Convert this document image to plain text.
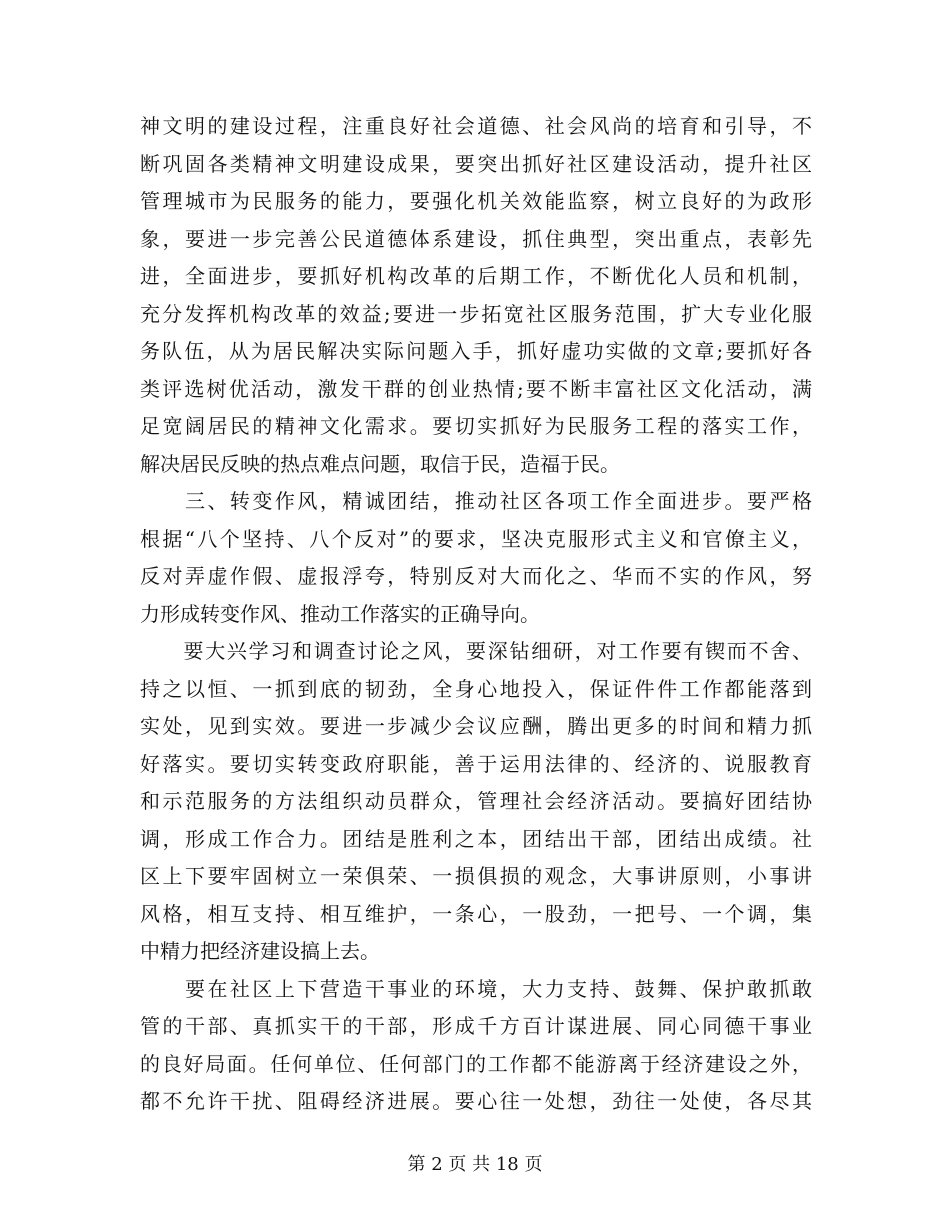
神文明的建设过程，注重良好社会道德、社会风尚的培育和引导，不
断巩固各类精神文明建设成果，要突出抓好社区建设活动，提升社区
管理城市为民服务的能力，要强化机关效能监察，树立良好的为政形
象，要进一步完善公民道德体系建设，抓住典型，突出重点，表彰先
进，全面进步，要抓好机构改革的后期工作，不断优化人员和机制，
充分发挥机构改革的效益;要进一步拓宽社区服务范围，扩大专业化服
务队伍，从为居民解决实际问题入手，抓好虚功实做的文章;要抓好各
类评选树优活动，激发干群的创业热情;要不断丰富社区文化活动，满
足宽阔居民的精神文化需求。要切实抓好为民服务工程的落实工作，
解决居民反映的热点难点问题，取信于民，造福于民。

　　三、转变作风，精诚团结，推动社区各项工作全面进步。要严格
根据“八个坚持、八个反对”的要求，坚决克服形式主义和官僚主义，
反对弄虚作假、虚报浮夸，特别反对大而化之、华而不实的作风，努
力形成转变作风、推动工作落实的正确导向。

　　要大兴学习和调查讨论之风，要深钻细研，对工作要有锲而不舍、
持之以恒、一抓到底的韧劲，全身心地投入，保证件件工作都能落到
实处，见到实效。要进一步减少会议应酬，腾出更多的时间和精力抓
好落实。要切实转变政府职能，善于运用法律的、经济的、说服教育
和示范服务的方法组织动员群众，管理社会经济活动。要搞好团结协
调，形成工作合力。团结是胜利之本，团结出干部，团结出成绩。社
区上下要牢固树立一荣俱荣、一损俱损的观念，大事讲原则，小事讲
风格，相互支持、相互维护，一条心，一股劲，一把号、一个调，集
中精力把经济建设搞上去。

　　要在社区上下营造干事业的环境，大力支持、鼓舞、保护敢抓敢
管的干部、真抓实干的干部，形成千方百计谋进展、同心同德干事业
的良好局面。任何单位、任何部门的工作都不能游离于经济建设之外，
都不允许干扰、阻碍经济进展。要心往一处想，劲往一处使，各尽其

第 2 页 共 18 页
